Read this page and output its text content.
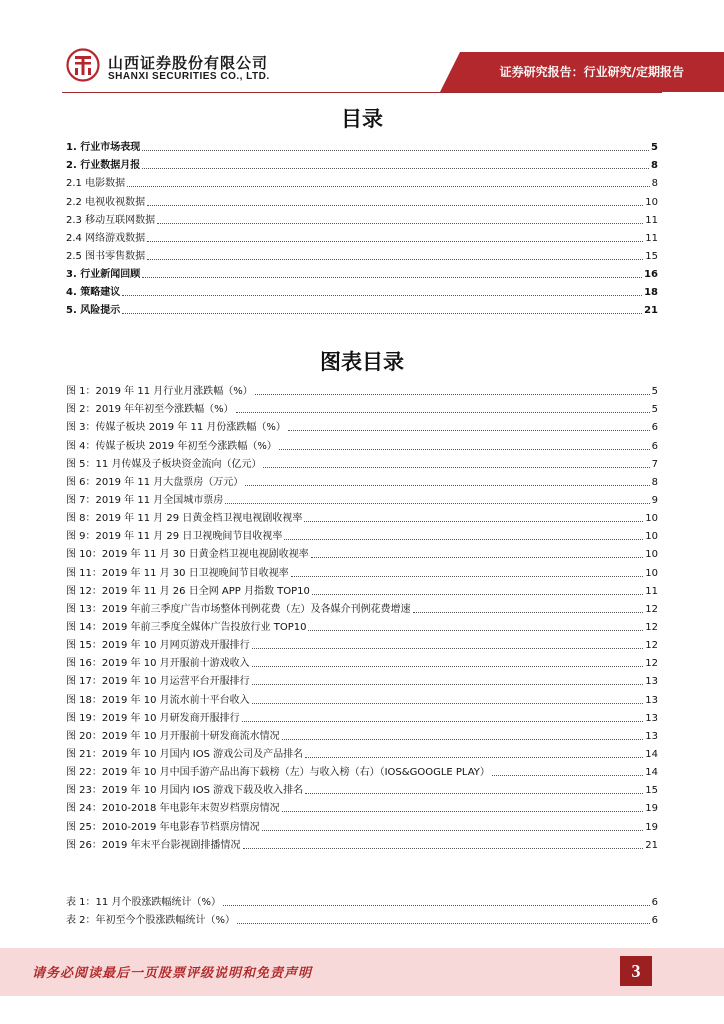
山西证券股份有限公司
SHANXI SECURITIES CO., LTD.	证券研究报告：行业研究/定期报告
目录
1. 行业市场表现	5
2. 行业数据月报	8
2.1 电影数据	8
2.2 电视收视数据	10
2.3 移动互联网数据	11
2.4 网络游戏数据	11
2.5 图书零售数据	15
3. 行业新闻回顾	16
4. 策略建议	18
5. 风险提示	21
图表目录
图 1：2019 年 11 月行业月涨跌幅（%）	5
图 2：2019 年年初至今涨跌幅（%）	5
图 3：传媒子板块 2019 年 11 月份涨跌幅（%）	6
图 4：传媒子板块 2019 年初至今涨跌幅（%）	6
图 5：11 月传媒及子板块资金流向（亿元）	7
图 6：2019 年 11 月大盘票房（万元）	8
图 7：2019 年 11 月全国城市票房	9
图 8：2019 年 11 月 29 日黄金档卫视电视剧收视率	10
图 9：2019 年 11 月 29 日卫视晚间节目收视率	10
图 10：2019 年 11 月 30 日黄金档卫视电视剧收视率	10
图 11：2019 年 11 月 30 日卫视晚间节目收视率	10
图 12：2019 年 11 月 26 日全网 APP 月指数 TOP10	11
图 13：2019 年前三季度广告市场整体刊例花费（左）及各媒介刊例花费增速	12
图 14：2019 年前三季度全媒体广告投放行业 TOP10	12
图 15：2019 年 10 月网页游戏开服排行	12
图 16：2019 年 10 月开服前十游戏收入	12
图 17：2019 年 10 月运营平台开服排行	13
图 18：2019 年 10 月流水前十平台收入	13
图 19：2019 年 10 月研发商开服排行	13
图 20：2019 年 10 月开服前十研发商流水情况	13
图 21：2019 年 10 月国内 IOS 游戏公司及产品排名	14
图 22：2019 年 10 月中国手游产品出海下载榜（左）与收入榜（右）（IOS&GOOGLE PLAY）	14
图 23：2019 年 10 月国内 IOS 游戏下载及收入排名	15
图 24：2010-2018 年电影年末贺岁档票房情况	19
图 25：2010-2019 年电影春节档票房情况	19
图 26：2019 年末平台影视剧排播情况	21
表 1：11 月个股涨跌幅统计（%）	6
表 2：年初至今个股涨跌幅统计（%）	6
请务必阅读最后一页股票评级说明和免责声明	3
